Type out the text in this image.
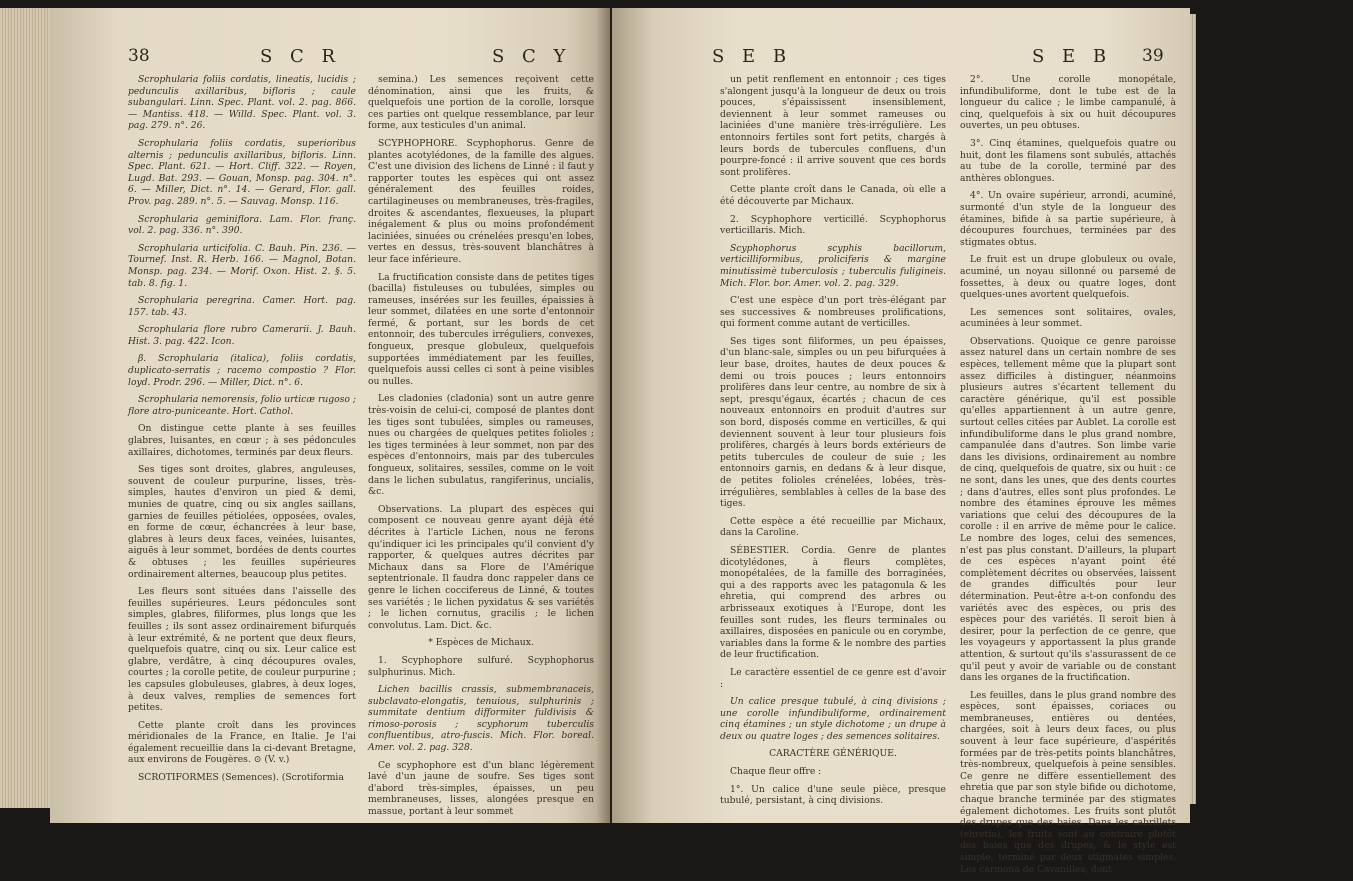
38	S C R	S C Y

Scrophularia foliis cordatis, lineatis, lucidis ; pedunculis axillaribus, bifloris ; caule subangulari. Linn. Spec. Plant. vol. 2. pag. 866. — Mantiss. 418. — Willd. Spec. Plant. vol. 3. pag. 279. n°. 26.

Scrophularia foliis cordatis, superioribus alternis ; pedunculis axillaribus, bifloris. Linn. Spec. Plant. 621. — Hort. Cliff. 322. — Royen, Lugd. Bat. 293. — Gouan, Monsp. pag. 304. n°. 6. — Miller, Dict. n°. 14. — Gerard, Flor. gall. Prov. pag. 289. n°. 5. — Sauvag. Monsp. 116.

Scrophularia geminiflora. Lam. Flor. franç. vol. 2. pag. 336. n°. 390.

Scrophularia urticifolia. C. Bauh. Pin. 236. — Tournef. Inst. R. Herb. 166. — Magnol, Botan. Monsp. pag. 234. — Morif. Oxon. Hist. 2. §. 5. tab. 8. fig. 1.

Scrophularia peregrina. Camer. Hort. pag. 157. tab. 43.

Scrophularia flore rubro Camerarii. J. Bauh. Hist. 3. pag. 422. Icon.

β. Scrophularia (italica), foliis cordatis, duplicato-serratis ; racemo compostio ? Flor. loyd. Prodr. 296. — Miller, Dict. n°. 6.

Scrophularia nemorensis, folio urticæ rugoso ; flore atro-puniceante. Hort. Cathol.

On distingue cette plante à ses feuilles glabres, luisantes, en cœur ; à ses pédoncules axillaires, dichotomes, terminés par deux fleurs.

Ses tiges sont droites, glabres, anguleuses, souvent de couleur purpurine, lisses, très-simples, hautes d'environ un pied & demi, munies de quatre, cinq ou six angles saillans, garnies de feuilles pétiolées, opposées, ovales, en forme de cœur, échancrées à leur base, glabres à leurs deux faces, veinées, luisantes, aiguës à leur sommet, bordées de dents courtes & obtuses ; les feuilles supérieures ordinairement alternes, beaucoup plus petites.

Les fleurs sont situées dans l'aisselle des feuilles supérieures. Leurs pédoncules sont simples, glabres, filiformes, plus longs que les feuilles ; ils sont assez ordinairement bifurqués à leur extrémité, & ne portent que deux fleurs, quelquefois quatre, cinq ou six. Leur calice est glabre, verdâtre, à cinq découpures ovales, courtes ; la corolle petite, de couleur purpurine ; les capsules globuleuses, glabres, à deux loges, à deux valves, remplies de semences fort petites.

Cette plante croît dans les provinces méridionales de la France, en Italie. Je l'ai également recueillie dans la ci-devant Bretagne, aux environs de Fougères. ⊙ (V. v.)

SCROTIFORMES (Semences). (Scrotiformia

semina.) Les semences reçoivent cette dénomination, ainsi que les fruits, & quelquefois une portion de la corolle, lorsque ces parties ont quelque ressemblance, par leur forme, aux testicules d'un animal.

SCYPHOPHORE. Scyphophorus. Genre de plantes acotylédones, de la famille des algues. C'est une division des lichens de Linné : il faut y rapporter toutes les espèces qui ont assez généralement des feuilles roides, cartilagineuses ou membraneuses, très-fragiles, droites & ascendantes, flexueuses, la plupart inégalement & plus ou moins profondément laciniées, sinuées ou crénelées presqu'en lobes, vertes en dessus, très-souvent blanchâtres à leur face inférieure.

La fructification consiste dans de petites tiges (bacilla) fistuleuses ou tubulées, simples ou rameuses, insérées sur les feuilles, épaissies à leur sommet, dilatées en une sorte d'entonnoir fermé, & portant, sur les bords de cet entonnoir, des tubercules irréguliers, convexes, fongueux, presque globuleux, quelquefois supportées immédiatement par les feuilles, quelquefois aussi celles ci sont à peine visibles ou nulles.

Les cladonies (cladonia) sont un autre genre très-voisin de celui-ci, composé de plantes dont les tiges sont tubulées, simples ou rameuses, nues ou chargées de quelques petites folioles ; les tiges terminées à leur sommet, non par des espèces d'entonnoirs, mais par des tubercules fongueux, solitaires, sessiles, comme on le voit dans le lichen subulatus, rangiferinus, uncialis, &c.

Observations. La plupart des espèces qui composent ce nouveau genre ayant déjà été décrites à l'article Lichen, nous ne ferons qu'indiquer ici les principales qu'il convient d'y rapporter, & quelques autres décrites par Michaux dans sa Flore de l'Amérique septentrionale. Il faudra donc rappeler dans ce genre le lichen coccifereus de Linné, & toutes ses variétés ; le lichen pyxidatus & ses variétés ; le lichen cornutus, gracilis ; le lichen convolutus. Lam. Dict. &c.

* Espèces de Michaux.

1. Scyphophore sulfuré. Scyphophorus sulphurinus. Mich.

Lichen bacillis crassis, submembranaceis, subclavato-elongatis, tenuious, sulphurinis ; summitate dentium difformiter fuldivisis & rimoso-porosis ; scyphorum tuberculis confluentibus, atro-fuscis. Mich. Flor. boreal. Amer. vol. 2. pag. 328.

Ce scyphophore est d'un blanc légèrement lavé d'un jaune de soufre. Ses tiges sont d'abord très-simples, épaisses, un peu membraneuses, lisses, alongées presque en massue, portant à leur sommet

S E B	S E B 39

un petit renflement en entonnoir ; ces tiges s'alongent jusqu'à la longueur de deux ou trois pouces, s'épaississent insensiblement, deviennent à leur sommet rameuses ou laciniées d'une manière très-irrégulière. Les entonnoirs fertiles sont fort petits, chargés à leurs bords de tubercules confluens, d'un pourpre-foncé : il arrive souvent que ces bords sont prolifères.

Cette plante croît dans le Canada, où elle a été découverte par Michaux.

2. Scyphophore verticillé. Scyphophorus verticillaris. Mich.

Scyphophorus scyphis bacillorum, verticilliformibus, proliciferis & margine minutissimè tuberculosis ; tuberculis fuligineis. Mich. Flor. bor. Amer. vol. 2. pag. 329.

C'est une espèce d'un port très-élégant par ses successives & nombreuses prolifications, qui forment comme autant de verticilles.

Ses tiges sont filiformes, un peu épaisses, d'un blanc-sale, simples ou un peu bifurquées à leur base, droites, hautes de deux pouces & demi ou trois pouces ; leurs entonnoirs prolifères dans leur centre, au nombre de six à sept, presqu'égaux, écartés ; chacun de ces nouveaux entonnoirs en produit d'autres sur son bord, disposés comme en verticilles, & qui deviennent souvent à leur tour plusieurs fois prolifères, chargés à leurs bords extérieurs de petits tubercules de couleur de suie ; les entonnoirs garnis, en dedans & à leur disque, de petites folioles crénelées, lobées, très-irrégulières, semblables à celles de la base des tiges.

Cette espèce a été recueillie par Michaux, dans la Caroline.

SÉBESTIER. Cordia. Genre de plantes dicotylédones, à fleurs complètes, monopétalées, de la famille des borraginées, qui a des rapports avec les patagonula & les ehretia, qui comprend des arbres ou arbrisseaux exotiques à l'Europe, dont les feuilles sont rudes, les fleurs terminales ou axillaires, disposées en panicule ou en corymbe, variables dans la forme & le nombre des parties de leur fructification.

Le caractère essentiel de ce genre est d'avoir :

Un calice presque tubulé, à cinq divisions ; une corolle infundibuliforme, ordinairement cinq étamines ; un style dichotome ; un drupe à deux ou quatre loges ; des semences solitaires.

CARACTÈRE GÉNÉRIQUE.

Chaque fleur offre :

1°. Un calice d'une seule pièce, presque tubulé, persistant, à cinq divisions.

2°. Une corolle monopétale, infundibuliforme, dont le tube est de la longueur du calice ; le limbe campanulé, à cinq, quelquefois à six ou huit découpures ouvertes, un peu obtuses.

3°. Cinq étamines, quelquefois quatre ou huit, dont les filamens sont subulés, attachés au tube de la corolle, terminé par des anthères oblongues.

4°. Un ovaire supérieur, arrondi, acuminé, surmonté d'un style de la longueur des étamines, bifide à sa partie supérieure, à découpures fourchues, terminées par des stigmates obtus.

Le fruit est un drupe globuleux ou ovale, acuminé, un noyau sillonné ou parsemé de fossettes, à deux ou quatre loges, dont quelques-unes avortent quelquefois.

Les semences sont solitaires, ovales, acuminées à leur sommet.

Observations. Quoique ce genre paroisse assez naturel dans un certain nombre de ses espèces, tellement même que la plupart sont assez difficiles à distinguer, néanmoins plusieurs autres s'écartent tellement du caractère générique, qu'il est possible qu'elles appartiennent à un autre genre, surtout celles citées par Aublet. La corolle est infundibuliforme dans le plus grand nombre, campanulée dans d'autres. Son limbe varie dans les divisions, ordinairement au nombre de cinq, quelquefois de quatre, six ou huit : ce ne sont, dans les unes, que des dents courtes ; dans d'autres, elles sont plus profondes. Le nombre des étamines éprouve les mêmes variations que celui des découpures de la corolle : il en arrive de même pour le calice. Le nombre des loges, celui des semences, n'est pas plus constant. D'ailleurs, la plupart de ces espèces n'ayant point été complètement décrites ou observées, laissent de grandes difficultés pour leur détermination. Peut-être a-t-on confondu des variétés avec des espèces, ou pris des espèces pour des variétés. Il seroit bien à desirer, pour la perfection de ce genre, que les voyageurs y apportassent la plus grande attention, & surtout qu'ils s'assurassent de ce qu'il peut y avoir de variable ou de constant dans les organes de la fructification.

Les feuilles, dans le plus grand nombre des espèces, sont épaisses, coriaces ou membraneuses, entières ou dentées, chargées, soit à leurs deux faces, ou plus souvent à leur face supérieure, d'aspérités formées par de très-petits points blanchâtres, très-nombreux, quelquefois à peine sensibles. Ce genre ne diffère essentiellement des ehretia que par son style bifide ou dichotome, chaque branche terminée par des stigmates également dichotomes. Les fruits sont plutôt des drupes que des baies. Dans les cabrillets (ehretia), les fruits sont au contraire plutôt des baies que des drupes, & le style est simple, terminé par deux stigmates simples. Les carmona de Cavanilles, dont
